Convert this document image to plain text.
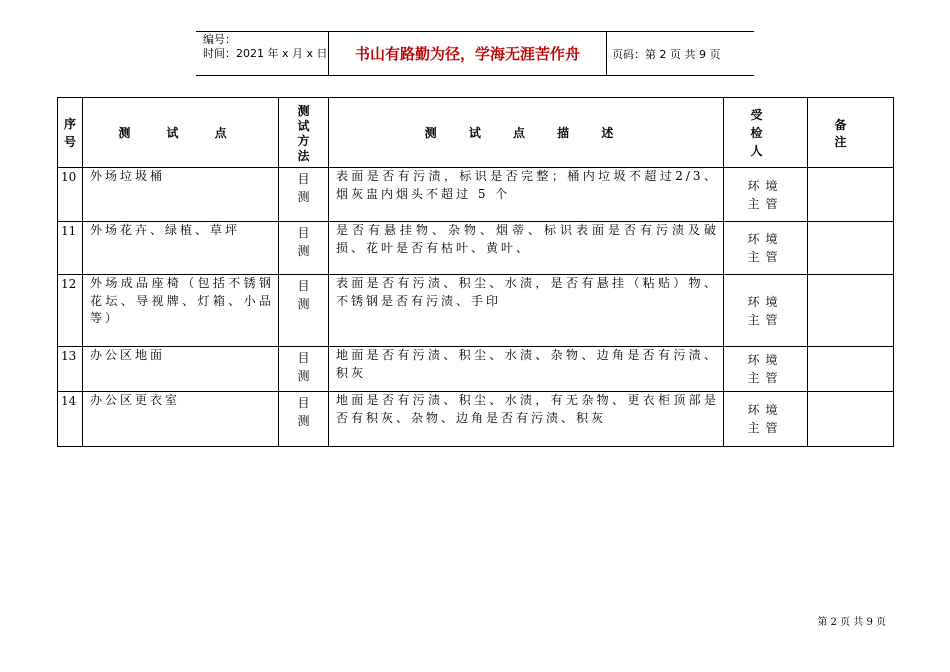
编号：
时间：2021 年 x 月 x 日	书山有路勤为径，学海无涯苦作舟	页码：第 2 页 共 9 页
序号	测 试 点	测试方法	测 试 点 描 述	受 检 人	备 注
10	外场垃圾桶	目测	表面是否有污渍，标识是否完整；桶内垃圾不超过2/3、烟灰盅内烟头不超过 5 个	环境主管	

11	外场花卉、绿植、草坪	目测	是否有悬挂物、杂物、烟蒂、标识表面是否有污渍及破损、花叶是否有枯叶、黄叶、	环境主管	

12	外场成品座椅（包括不锈钢花坛、导视牌、灯箱、小品等）	目测	表面是否有污渍、积尘、水渍，是否有悬挂（粘贴）物、不锈钢是否有污渍、手印	环境主管	

13	办公区地面	目测	地面是否有污渍、积尘、水渍、杂物、边角是否有污渍、积灰	环境主管	

14	办公区更衣室	目测	地面是否有污渍、积尘、水渍，有无杂物、更衣柜顶部是否有积灰、杂物、边角是否有污渍、积灰	环境主管	

第 2 页 共 9 页
